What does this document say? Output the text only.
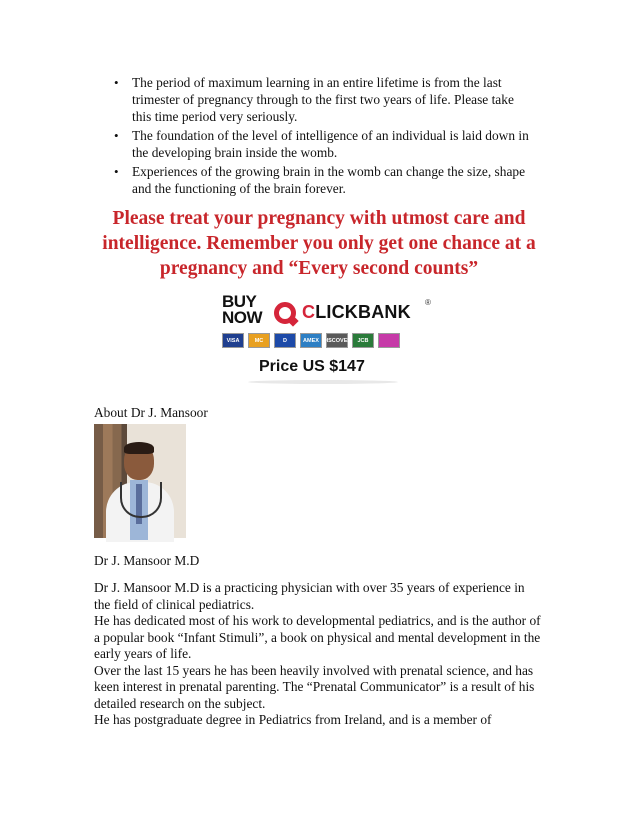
• The period of maximum learning in an entire lifetime is from the last trimester of pregnancy through to the first two years of life. Please take this time period very seriously.
• The foundation of the level of intelligence of an individual is laid down in the developing brain inside the womb.
• Experiences of the growing brain in the womb can change the size, shape and the functioning of the brain forever.
Please treat your pregnancy with utmost care and intelligence. Remember you only get one chance at a pregnancy and “Every second counts”
BUY
NOW CLICKBANK ®
VISA	MC	D	AMEX DISCOVER	JCB
Price US $147
About Dr J. Mansoor
Dr J. Mansoor M.D

Dr J. Mansoor M.D is a practicing physician with over 35 years of experience in the field of clinical pediatrics.
He has dedicated most of his work to developmental pediatrics, and is the author of a popular book “Infant Stimuli”, a book on physical and mental development in the early years of life.
Over the last 15 years he has been heavily involved with prenatal science, and has keen interest in prenatal parenting. The “Prenatal Communicator” is a result of his detailed research on the subject.
He has postgraduate degree in Pediatrics from Ireland, and is a member of
